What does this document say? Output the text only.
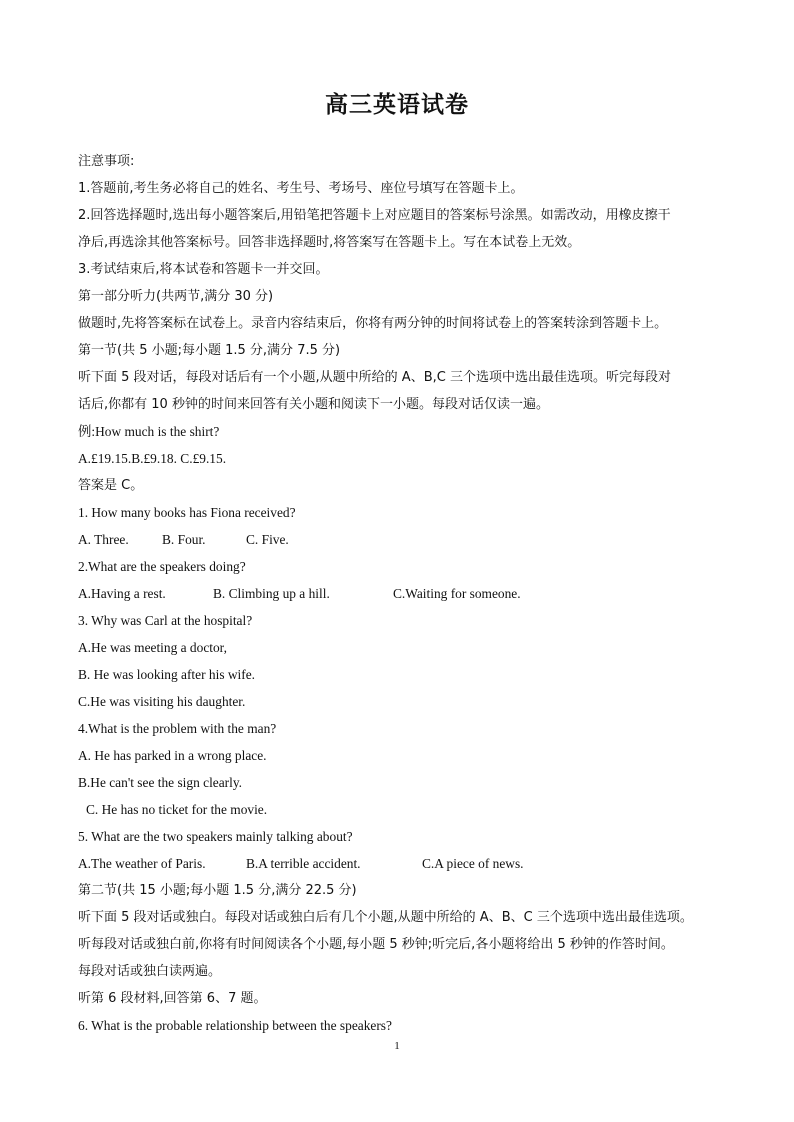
高三英语试卷
注意事项:
1.答题前,考生务必将自己的姓名、考生号、考场号、座位号填写在答题卡上。
2.回答选择题时,选出每小题答案后,用铅笔把答题卡上对应题目的答案标号涂黑。如需改动，用橡皮擦干
净后,再选涂其他答案标号。回答非选择题时,将答案写在答题卡上。写在本试卷上无效。
3.考试结束后,将本试卷和答题卡一并交回。
第一部分听力(共两节,满分 30 分)
做题时,先将答案标在试卷上。录音内容结束后，你将有两分钟的时间将试卷上的答案转涂到答题卡上。
第一节(共 5 小题;每小题 1.5 分,满分 7.5 分)
听下面 5 段对话，每段对话后有一个小题,从题中所给的 A、B,C 三个选项中选出最佳选项。听完每段对
话后,你都有 10 秒钟的时间来回答有关小题和阅读下一小题。每段对话仅读一遍。
例:How much is the shirt?
A.£19.15.B.£9.18. C.£9.15.
答案是 C。
1. How many books has Fiona received?
A. Three. B. Four.	C. Five.
2.What are the speakers doing?
A.Having a rest.	B. Climbing up a hill.	C.Waiting for someone.
3. Why was Carl at the hospital?
A.He was meeting a doctor,
B. He was looking after his wife.
C.He was visiting his daughter.
4.What is the problem with the man?
A. He has parked in a wrong place.
B.He can't see the sign clearly.
C. He has no ticket for the movie.
5. What are the two speakers mainly talking about?
A.The weather of Paris.	B.A terrible accident.	C.A piece of news.
第二节(共 15 小题;每小题 1.5 分,满分 22.5 分)
听下面 5 段对话或独白。每段对话或独白后有几个小题,从题中所给的 A、B、C 三个选项中选出最佳选项。
听每段对话或独白前,你将有时间阅读各个小题,每小题 5 秒钟;听完后,各小题将给出 5 秒钟的作答时间。
每段对话或独白读两遍。
听第 6 段材料,回答第 6、7 题。
6. What is the probable relationship between the speakers?
1
